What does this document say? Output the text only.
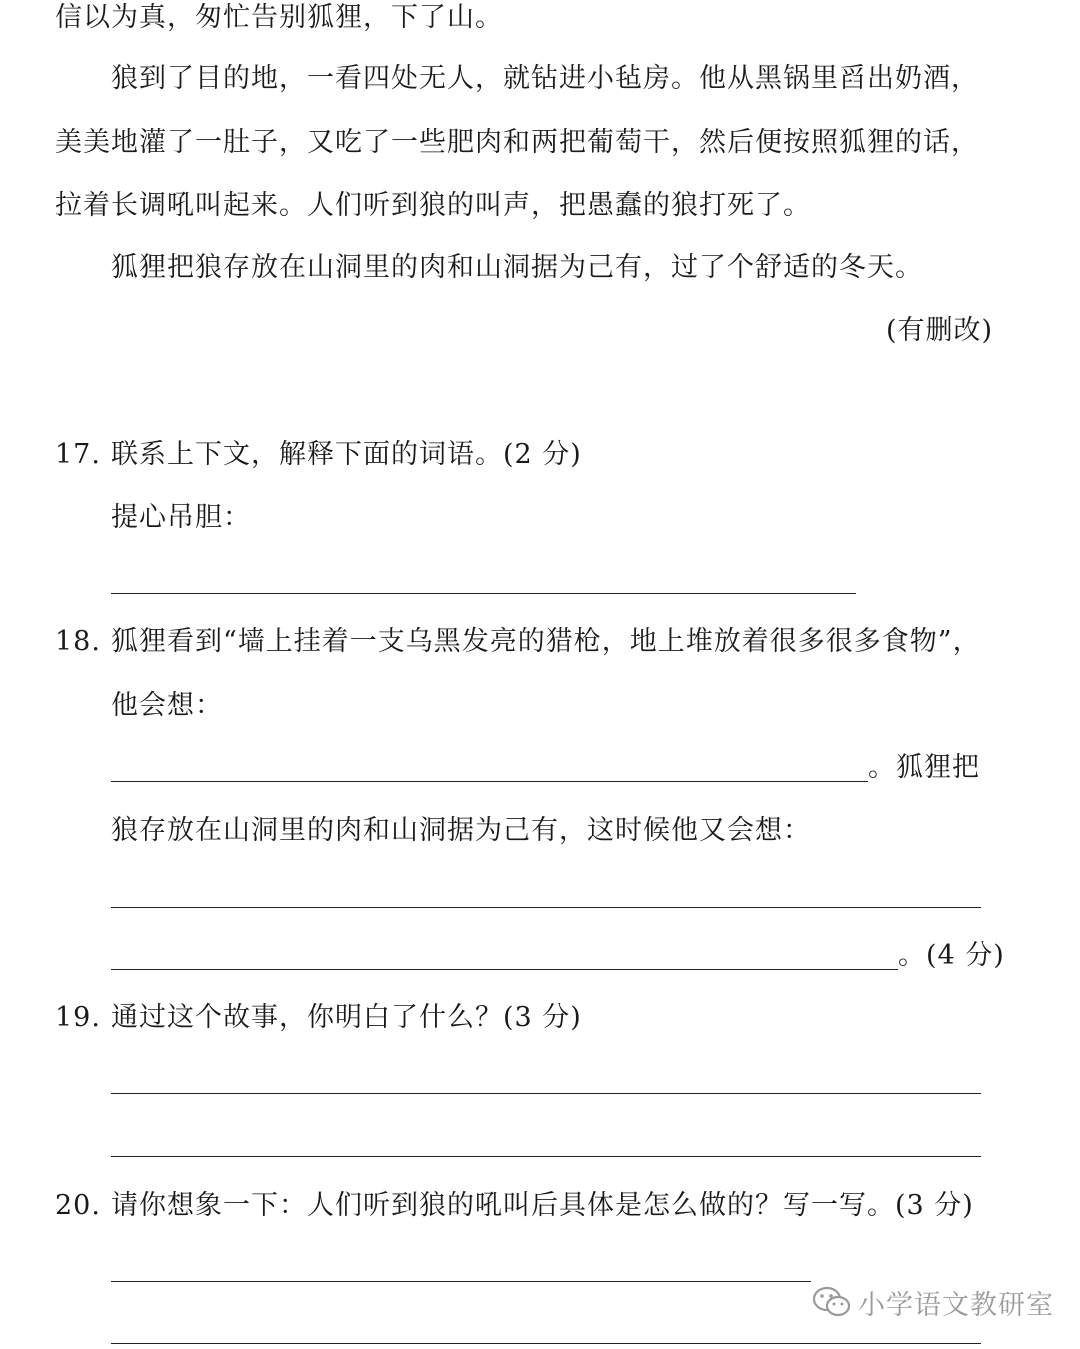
信以为真，匆忙告别狐狸，下了山。
狼到了目的地，一看四处无人，就钻进小毡房。他从黑锅里舀出奶酒，
美美地灌了一肚子，又吃了一些肥肉和两把葡萄干，然后便按照狐狸的话，
拉着长调吼叫起来。人们听到狼的叫声，把愚蠢的狼打死了。
狐狸把狼存放在山洞里的肉和山洞据为己有，过了个舒适的冬天。
(有删改)
17. 联系上下文，解释下面的词语。(2 分)
提心吊胆：
18. 狐狸看到“墙上挂着一支乌黑发亮的猎枪，地上堆放着很多很多食物”，
他会想：
。狐狸把
狼存放在山洞里的肉和山洞据为己有，这时候他又会想：
。(4 分)
19. 通过这个故事，你明白了什么？(3 分)
20. 请你想象一下：人们听到狼的吼叫后具体是怎么做的？写一写。(3 分)
小学语文教研室
